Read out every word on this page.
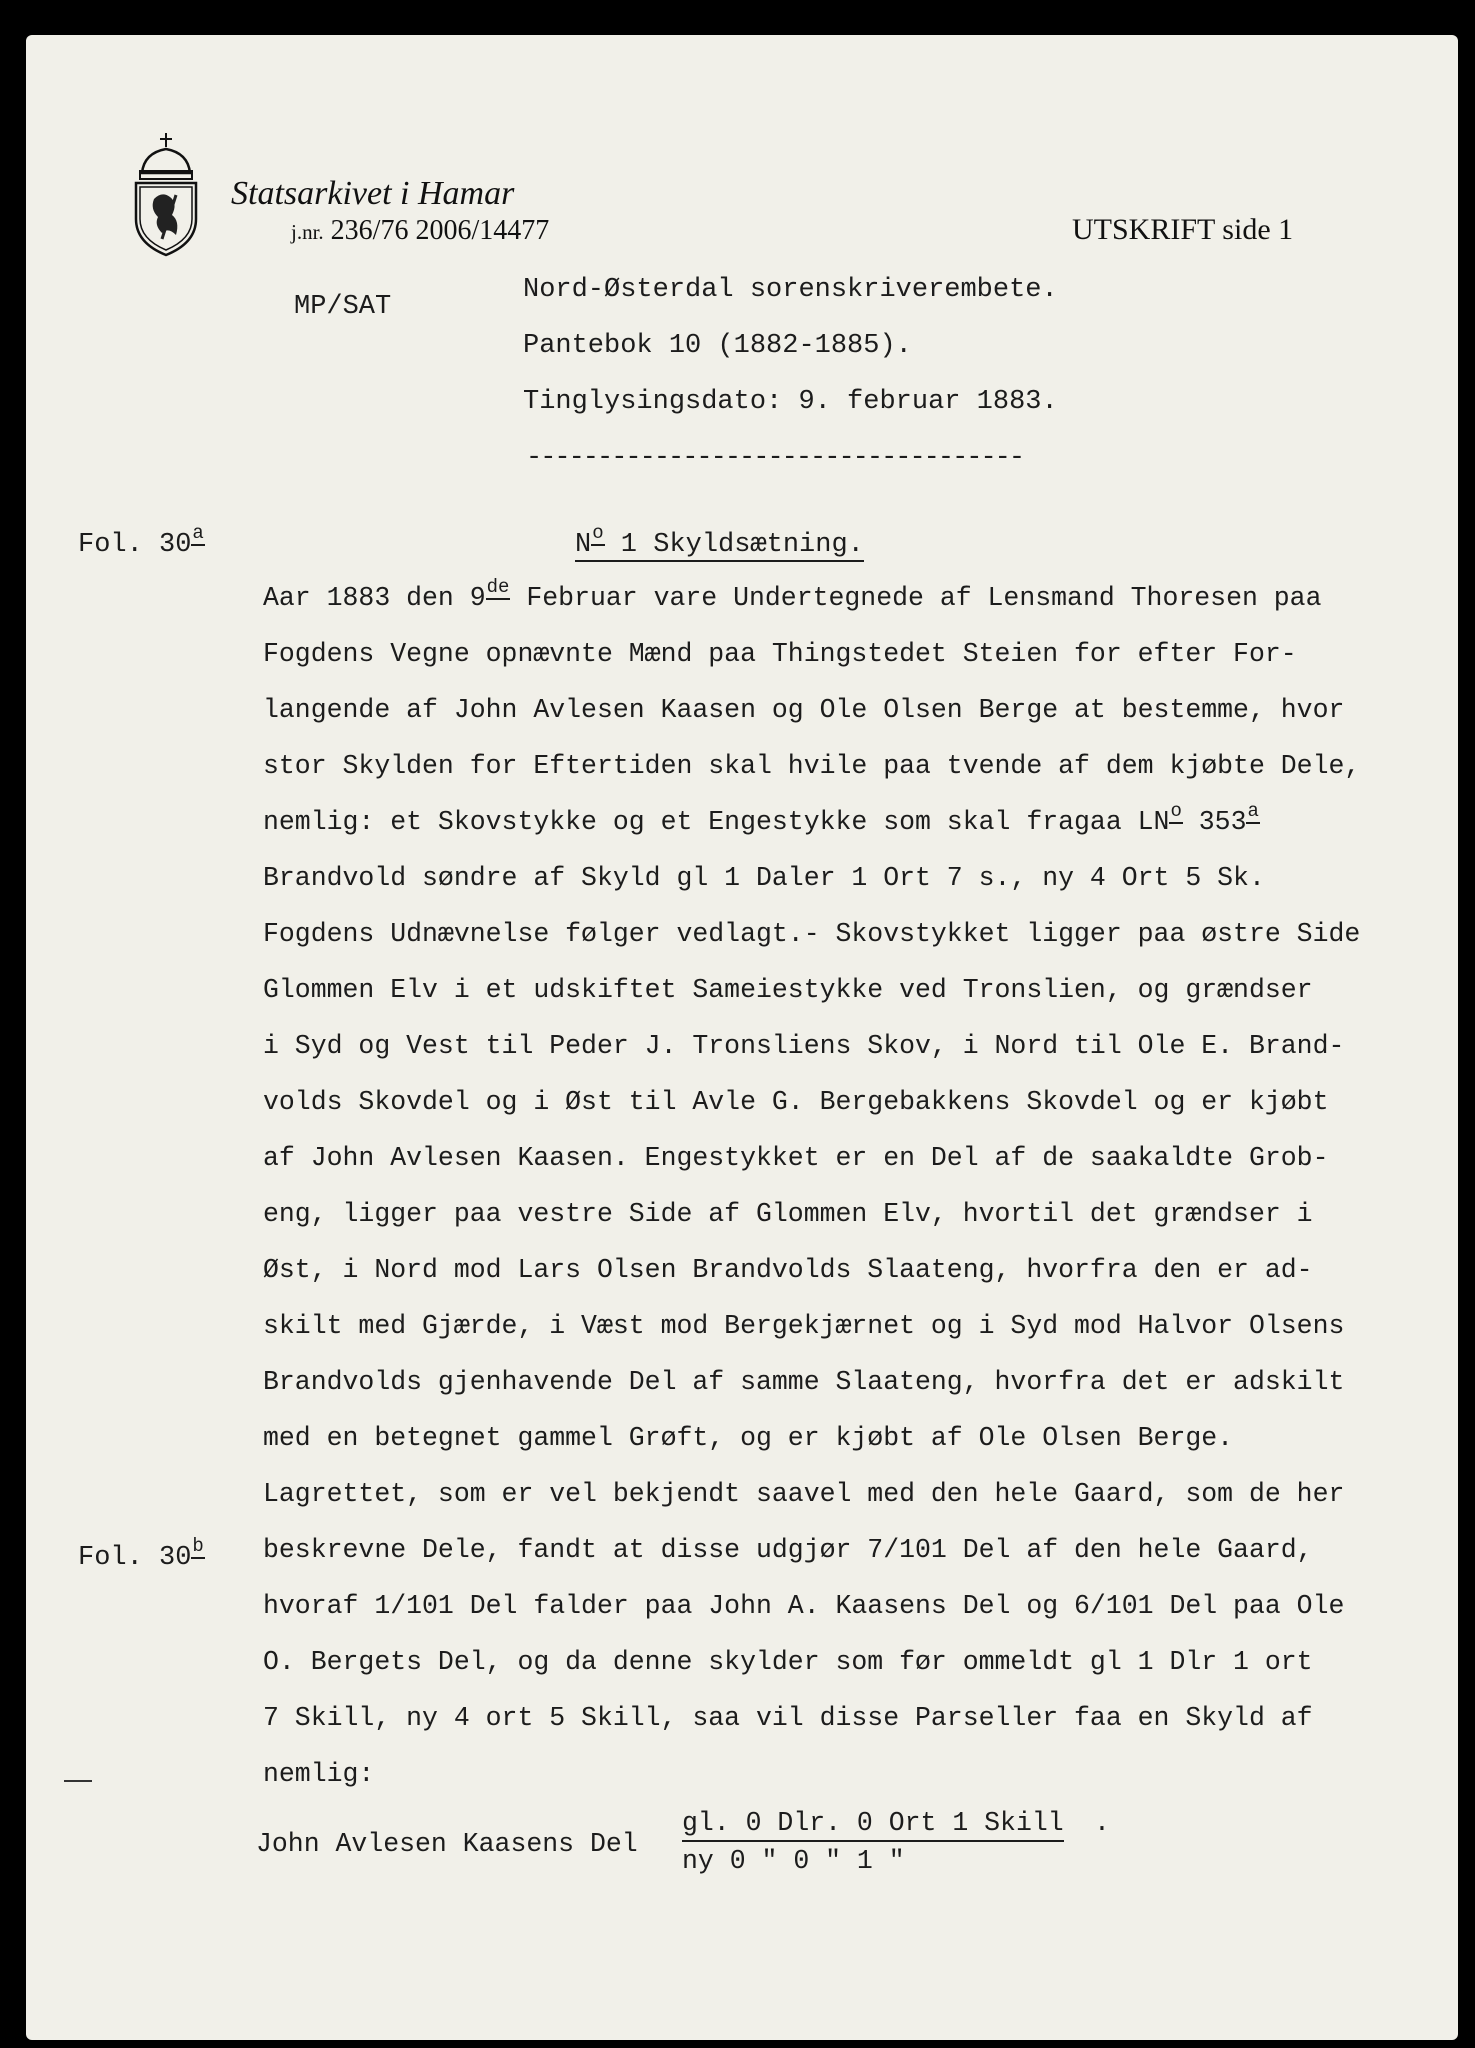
Statsarkivet i Hamar
j.nr. 236/76 2006/14477	UTSKRIFT side 1
MP/SAT
Nord-Østerdal sorenskriverembete.
Pantebok 10 (1882-1885).
Tinglysingsdato: 9. februar 1883.
-----------------------------------
Fol. 30$^a$	$N^o$ 1 Skyldsætning.
Aar 1883 den 9de Februar vare Undertegnede af Lensmand Thoresen paa
Fogdens Vegne opnævnte Mænd paa Thingstedet Steien for efter For-
langende af John Avlesen Kaasen og Ole Olsen Berge at bestemme, hvor
stor Skylden for Eftertiden skal hvile paa tvende af dem kjøbte Dele,
nemlig: et Skovstykke og et Engestykke som skal fragaa $LN^o$ 353$^a$
Brandvold søndre af Skyld gl 1 Daler 1 Ort 7 s., ny 4 Ort 5 Sk.
Fogdens Udnævnelse følger vedlagt.- Skovstykket ligger paa østre Side
Glommen Elv i et udskiftet Sameiestykke ved Tronslien, og grændser
i Syd og Vest til Peder J. Tronsliens Skov, i Nord til Ole E. Brand-
volds Skovdel og i Øst til Avle G. Bergebakkens Skovdel og er kjøbt
af John Avlesen Kaasen. Engestykket er en Del af de saakaldte Grob-
eng, ligger paa vestre Side af Glommen Elv, hvortil det grændser i
Øst, i Nord mod Lars Olsen Brandvolds Slaateng, hvorfra den er ad-
skilt med Gjærde, i Væst mod Bergekjærnet og i Syd mod Halvor Olsens
Brandvolds gjenhavende Del af samme Slaateng, hvorfra det er adskilt
med en betegnet gammel Grøft, og er kjøbt af Ole Olsen Berge.
Lagrettet, som er vel bekjendt saavel med den hele Gaard, som de her
beskrevne Dele, fandt at disse udgjør 7/101 Del af den hele Gaard,
hvoraf 1/101 Del falder paa John A. Kaasens Del og 6/101 Del paa Ole
O. Bergets Del, og da denne skylder som før ommeldt gl 1 Dlr 1 ort
7 Skill, ny 4 ort 5 Skill, saa vil disse Parseller faa en Skyld af
nemlig:
Fol. 30$^b$
John Avlesen Kaasens Del
gl. 0 Dlr. 0 Ort 1 Skill .
ny 0 " 0 " 1 "
